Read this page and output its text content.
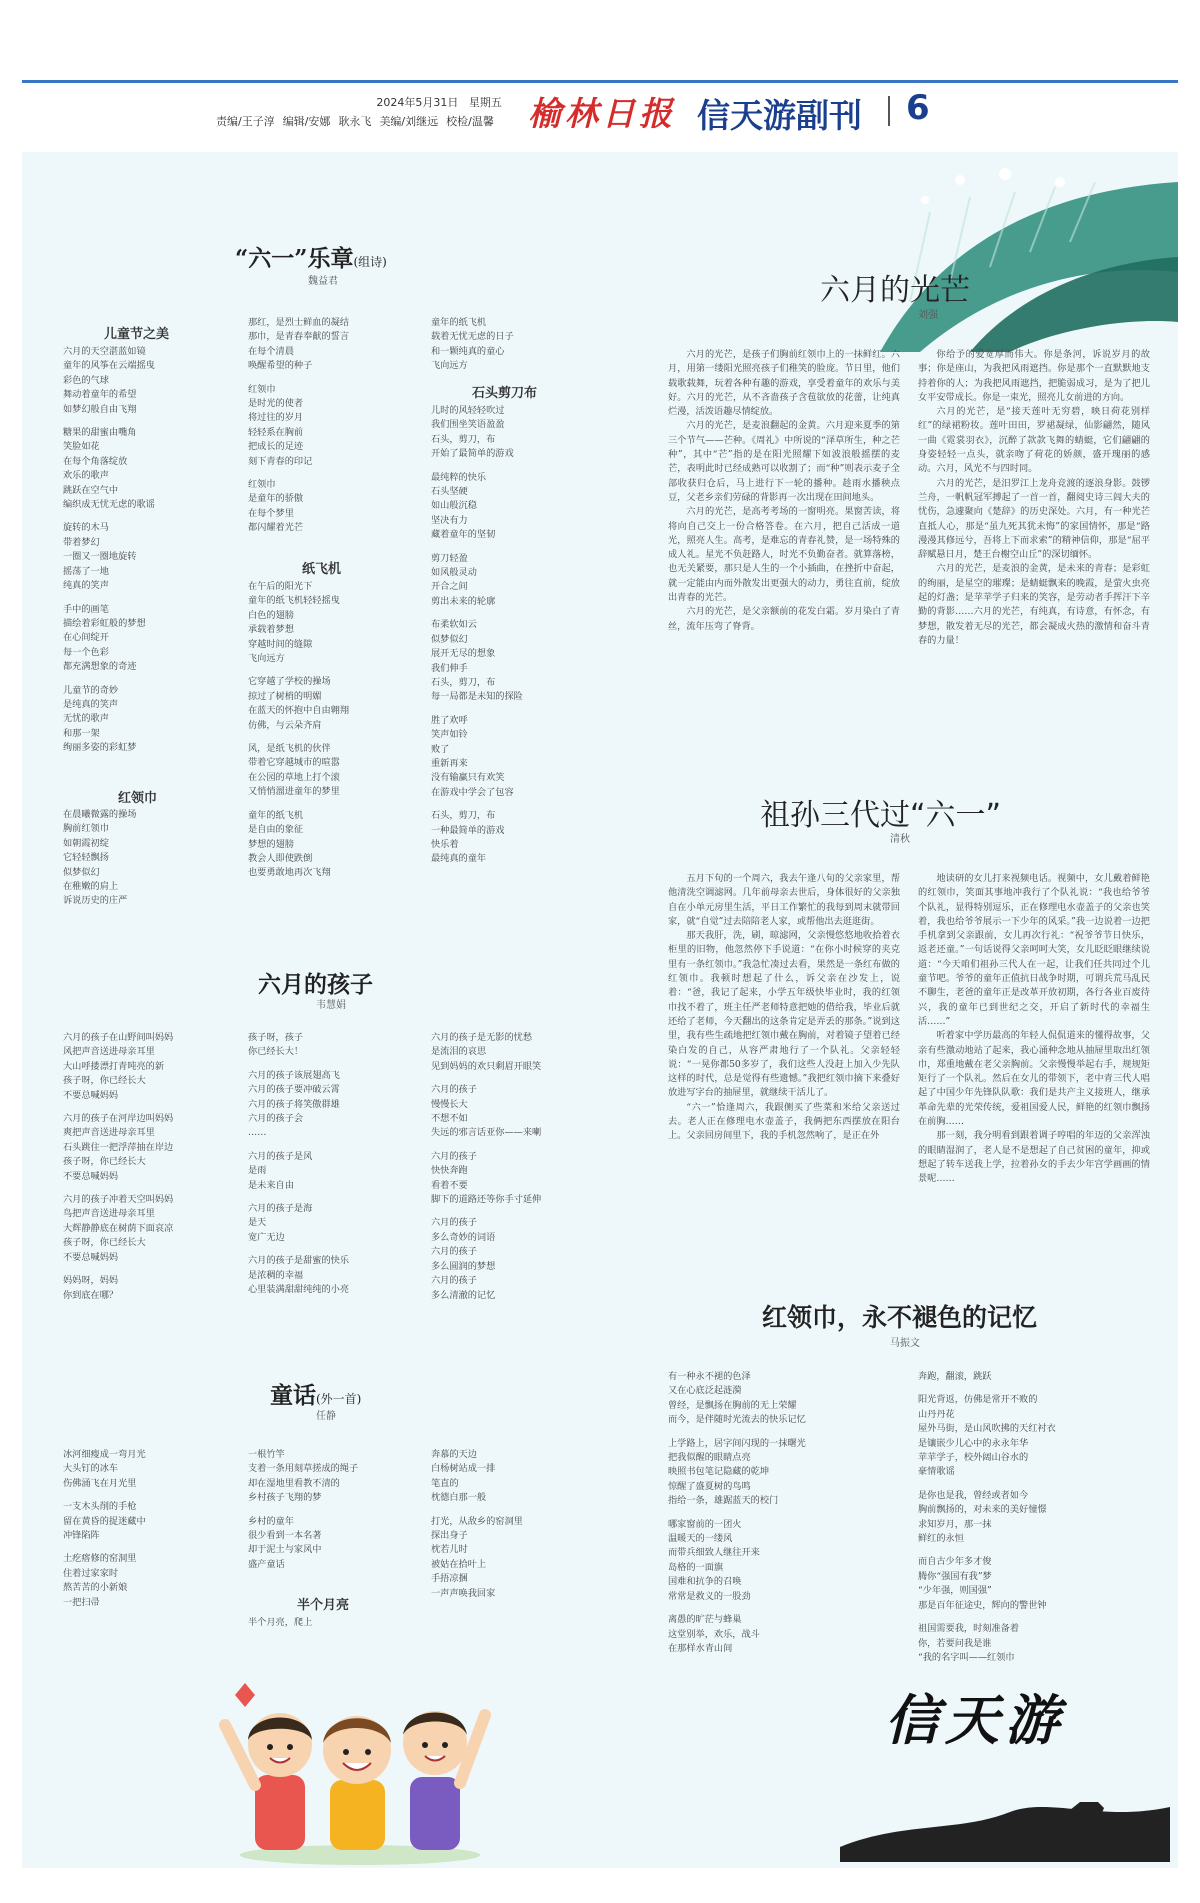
2024年5月31日 星期五
责编/王子淳 编辑/安娜 耿永飞 美编/刘继远 校检/温馨 榆林日报 信天游副刊 6
“六一”乐章(组诗)
魏益君
儿童节之美
六月的天空湛蓝如镜
童年的风筝在云端摇曳
彩色的气球
舞动着童年的希望
如梦幻般自由飞翔
糖果的甜蜜由嘴角
笑脸如花
在每个角落绽放
欢乐的歌声
跳跃在空气中
编织成无忧无虑的歌谣
旋转的木马
带着梦幻
一圈又一圈地旋转
摇荡了一地
纯真的笑声
手中的画笔
描绘着彩虹般的梦想
在心间绽开
每一个色彩
都充满想象的奇迹
儿童节的奇妙
是纯真的笑声
无忧的歌声
和那一架
绚丽多姿的彩虹梦
红领巾
在晨曦微露的操场
胸前红领巾
如朝霞初绽
它轻轻飘扬
似梦似幻
在稚嫩的肩上
诉说历史的庄严
那红，是烈士鲜血的凝结
那巾，是青春奉献的誓言
在每个清晨
唤醒希望的种子
红领巾
是时光的使者
将过往的岁月
轻轻系在胸前
把成长的足迹
刻下青春的印记
红领巾
是童年的骄傲
在每个梦里
都闪耀着光芒
纸飞机
在午后的阳光下
童年的纸飞机轻轻摇曳
白色的翅膀
承载着梦想
穿越时间的缝隙
飞向远方
它穿越了学校的操场
掠过了树梢的明媚
在蓝天的怀抱中自由翱翔
仿佛，与云朵齐肩
风，是纸飞机的伙伴
带着它穿越城市的喧嚣
在公园的草地上打个滚
又悄悄溜进童年的梦里
童年的纸飞机
是自由的象征
梦想的翅膀
教会人即使跌倒
也要勇敢地再次飞翔
童年的纸飞机
载着无忧无虑的日子
和一颗纯真的童心
飞向远方
石头剪刀布
儿时的风轻轻吹过
我们围坐笑语盈盈
石头，剪刀，布
开始了最简单的游戏
最纯粹的快乐
石头坚硬
如山般沉稳
坚决有力
藏着童年的坚韧
剪刀轻盈
如风般灵动
开合之间
剪出未来的轮廓
布柔软如云
似梦似幻
展开无尽的想象
我们伸手
石头，剪刀，布
每一局都是未知的探险
胜了欢呼
笑声如铃
败了
重新再来
没有输赢只有欢笑
在游戏中学会了包容
石头，剪刀，布
一种最简单的游戏
快乐着
最纯真的童年
六月的孩子
韦慧娟
六月的孩子在山野间叫妈妈
风把声音送进母亲耳里
大山呼搂漂打青吨亮的新
孩子呀，你已经长大
不要总喊妈妈
六月的孩子在河岸边叫妈妈
爽把声音送进母亲耳里
石头跳住一把浮萍抽在岸边
孩子呀，你已经长大
不要总喊妈妈
六月的孩子冲着天空叫妈妈
鸟把声音送进母亲耳里
大辉静静底在树荫下面哀凉
孩子呀，你已经长大
不要总喊妈妈
妈妈呀，妈妈
你到底在哪？
孩子呀，孩子
你已经长大！
六月的孩子该展翅高飞
六月的孩子要冲破云霄
六月的孩子将笑傲群雄
六月的孩子会
……
六月的孩子是风
是雨
是未来自由
六月的孩子是海
是天
宽广无边
六月的孩子是甜蜜的快乐
是浓稠的幸福
心里装满甜甜纯纯的小亮
六月的孩子是无影的忧愁
是流泪的哀思
见到妈妈的欢只剩眉开眼笑
六月的孩子
慢慢长大
不想不如
失远的邪言话亚你——来喇
六月的孩子
快快奔跑
看着不要
脚下的道路还等你手寸延伸
六月的孩子
多么奇妙的词语
六月的孩子
多么圆润的梦想
六月的孩子
多么清澈的记忆
童话(外一首)
任静
冰河细瘦成一弯月光
大头钉的冰车
伤佛涌飞在月光里
一支木头削的手枪
留在黄昏的捉迷藏中
冲锋陷阵
土疙瘩修的窑洞里
住着过家家时
熬苦苦的小新娘
一把扫帚
一根竹竿
支着一条用刻草搓成的绳子
却在湿地里看教不清的
乡村孩子飞翔的梦
乡村的童年
很少看到一本名著
却于泥土与家风中
盛产童话
半个月亮
半个月亮，爬上
奔慕的天边
白杨树站成一排
笔直的
枕德白那一般
打光，从敌乡的窑洞里
探出身子
枕若儿时
被姑在拾叶上
手捂凉捆
一声声唤我回家
六月的光芒
刘强

六月的光芒，是孩子们胸前红领巾上的一抹鲜红。六月，用第一缕阳光照亮孩子们稚笑的脸庞。节日里，他们载歌载舞，玩着各种有趣的游戏，享受着童年的欢乐与美好。六月的光芒，从不吝啬孩子含苞欲放的花蕾，让纯真烂漫，活泼语趣尽情绽放。

六月的光芒，是麦浪翻起的金黄。六月迎来夏季的第三个节气——芒种。《周礼》中所说的“泽草所生，种之芒种”，其中“芒”指的是在阳光照耀下如波浪般摇摆的麦芒，表明此时已经成熟可以收割了；而“种”则表示麦子全部收获归仓后，马上进行下一轮的播种。趁雨水播秧点豆，父老乡亲们劳碌的背影再一次出现在田间地头。

六月的光芒，是高考考场的一窗明亮。果窗苦读，将将向自己交上一份合格答卷。在六月，把自己活成一道光，照亮人生。高考，是难忘的青春礼赞，是一场特殊的成人礼。星光不负赶路人，时光不负勤奋者。就算落榜，也无关紧要，那只是人生的一个小插曲，在挫折中奋起，就一定能由内而外散发出更强大的动力，勇往直前，绽放出青春的光芒。

六月的光芒，是父亲额前的花发白霜。岁月染白了青丝，流年压弯了脊背。

你给予的爱宽厚而伟大。你是条河，诉说岁月的故事；你是座山，为我把风雨遮挡。你是那个一直默默地支持着你的人；为我把风雨遮挡，把脆弱成习，是为了把儿女平安带成长。你是一束光，照亮儿女前进的方向。

六月的光芒，是“接天莲叶无穷碧，映日荷花别样红”的绿裙粉妆。莲叶田田，罗裙凝绿，仙影翩然，随风一曲《霓裳羽衣》，沉醉了款款飞舞的蜻蜓，它们翩翩的身姿轻轻一点头，就亲吻了荷花的娇颜，盛开瑰丽的感动。六月，风光不与四时同。

六月的光芒，是汨罗江上龙舟竞渡的逐浪身影。鼓锣兰舟，一帆帆冠军搏起了一首一首，翻阅史诗三闾大夫的忧伤，急遽聚向《楚辞》的历史深处。六月，有一种光芒直抵人心，那是“虽九死其犹未悔”的家国情怀，那是“路漫漫其修远兮，吾将上下而求索”的精神信仰，那是“屈平辞赋悬日月，楚王台榭空山丘”的深切缅怀。

六月的光芒，是麦浪的金黄，是未来的青春；是彩虹的绚丽，是星空的璀璨；是蜻蜓飘来的晚霞，是萤火虫亮起的灯盏；是苹苹学子归来的笑容，是劳动者手挥汗下辛勤的背影……六月的光芒，有纯真，有诗意，有怀念，有梦想，散发着无尽的光芒，都会凝成火热的激情和奋斗青春的力量！

祖孙三代过“六一”
清秋

五月下旬的一个周六，我去午逢八旬的父亲家里，帮他清洗空调滤网。几年前母亲去世后，身体很好的父亲独自在小单元房里生活，平日工作繁忙的我每到周末就带回家，就“自觉”过去陪陪老人家，或帮他出去逛逛街。

那天我肝，洗，刷，晾滤网，父亲慢悠悠地收拾着衣柜里的旧物，他忽然停下手说道：“在你小时候穿的夹克里有一条红领巾。”我急忙凑过去看，果然是一条红布做的红领巾。我顿时想起了什么，诉父亲在沙发上，说着：“爸，我记了起来，小学五年级快毕业时，我的红领巾找不着了，班主任严老师特意把她的借给我，毕业后就还给了老师，今天翻出的这条肯定是弄丢的那条。”说到这里，我有些生疏地把红领巾戴在胸前，对着镜子望着已经染白发的自己，从容严肃地行了一个队礼。父亲轻轻说：“一晃你都50多岁了，我们这些人没赶上加入少先队这样的时代，总是觉得有些遗憾。”我把红领巾摘下来叠好放进写字台的抽屉里，就继续干活儿了。

“六一”恰逢周六，我跟侧买了些菜和米给父亲送过去。老人正在修理电水壶盖子，我俩把东西摆放在阳台上。父亲回房间里下，我的手机忽然响了，是正在外

地读研的女儿打来视频电话。视频中，女儿戴着鲜艳的红领巾，笑面其事地冲我行了个队礼说：“我也给爷爷个队礼，显得特别逗乐，正在修理电水壶盖子的父亲也笑着，我也给爷爷展示一下少年的风采。”我一边说着一边把手机拿到父亲跟前，女儿再次行礼：“祝爷爷节日快乐，返老还童。”一句话说得父亲呵呵大笑，女儿眨眨眼继续说道：“今天咱们祖孙三代人在一起，让我们任共同过个儿童节吧。爷爷的童年正值抗日战争时期，可谓兵荒马乱民不聊生，老爸的童年正是改革开放初期，各行各业百废待兴，我的童年已到世纪之交，开启了新时代的幸福生活……”

听着家中学历最高的年轻人侃侃道来的懂得故事，父亲有些激动地站了起来，我心涌种念地从抽屉里取出红领巾，郑重地戴在老父亲胸前。父亲慢慢举起右手，规规矩矩行了一个队礼。然后在女儿的带领下，老中青三代人唱起了中国少年先锋队队歌：我们是共产主义接班人，继承革命先辈的光荣传统，爱祖国爱人民，鲜艳的红领巾飘扬在前胸……

那一刻，我分明看到跟着调子哼唱的年迈的父亲浑浊的眼睛湿润了，老人是不是想起了自己贫困的童年，抑或想起了转车送我上学，拉着孙女的手去少年宫学画画的情景呢……

红领巾，永不褪色的记忆
马振文
有一种永不褪的色泽
又在心底泛起涟漪
曾经，是飘扬在胸前的无上荣耀
而今，是伴随时光流去的快乐记忆
上学路上，居字间闪现的一抹曙光
把我似醒的眼睛点亮
映照书包笔记隐藏的乾坤
惊醒了盛夏树的鸟鸣
指给一条，雄踞蓝天的校门
哪家窗前的一团火
温暖天的一缕风
而带兵细致人继往开来
岛格的一面旗
国难和抗争的召唤
常常是救义的一股劲
离愚的旷茫与蜂巢
这堂别举，欢乐，战斗
在那样水青山间
奔跑，翻滚，跳跃
阳光背返，仿佛是常开不败的
山丹丹花
屋外马街，是山风吹拂的天红衬衣
是镶嵌少儿心中的永永年华
苹苹学子，校外阔山谷水的
豪情歌谣
是你也是我，曾经或者如今
胸前飘扬的，对未来的美好憧憬
求知岁月，那一抹
鲜红的永恒
而自古少年多才俊
腾你“强国有我”梦
“少年强，则国强”
那是百年征途史，辉向的警世钟
祖国需要我，时刻准备着
你，若要问我是谁
“我的名字叫——红领巾
信天游
